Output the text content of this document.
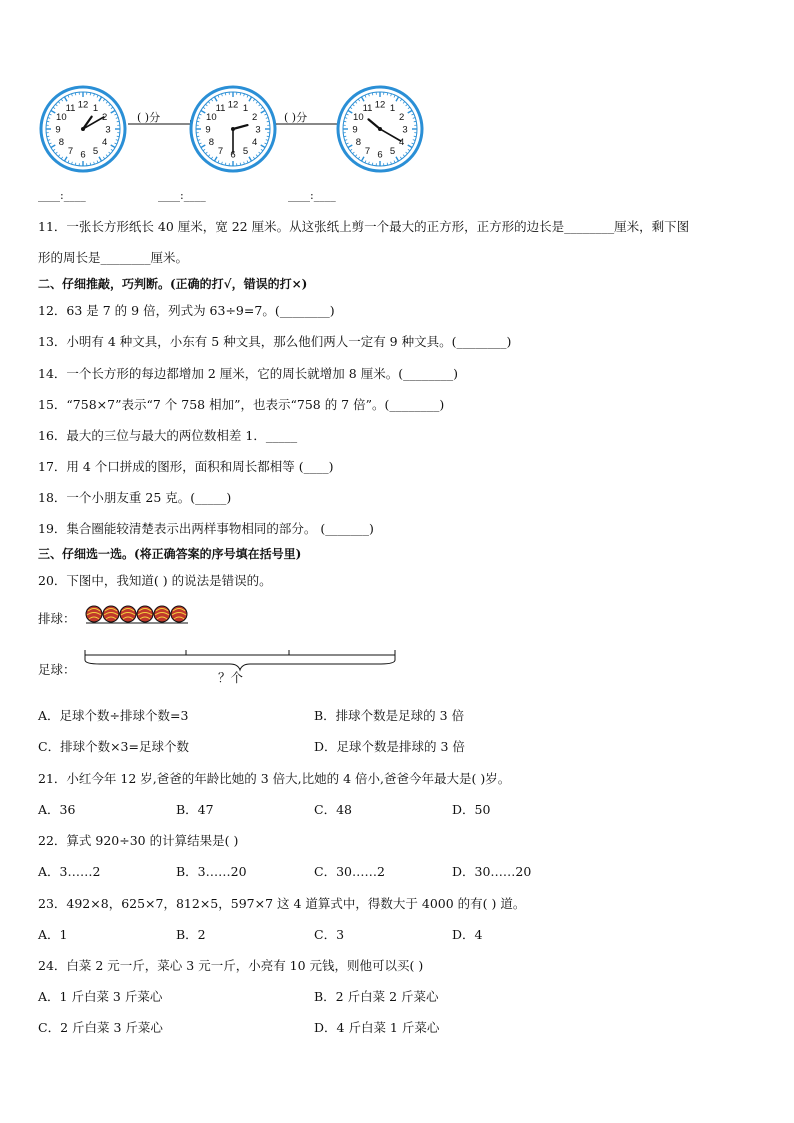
12 1
2
3
4
5
6
7
8
9
10
11
( )分
12 1
2
3
4
5
6
7
8
9
10
11
( )分
12 1
2
3
4
5
6
7
8
9
10
11
____:____	____:____	____:____
11．一张长方形纸长 40 厘米，宽 22 厘米。从这张纸上剪一个最大的正方形，正方形的边长是________厘米，剩下图
形的周长是________厘米。
二、仔细推敲，巧判断。(正确的打√，错误的打×)
12．63 是 7 的 9 倍，列式为 63÷9=7。(________)
13．小明有 4 种文具，小东有 5 种文具，那么他们两人一定有 9 种文具。(________)
14．一个长方形的每边都增加 2 厘米，它的周长就增加 8 厘米。(________)
15．“758×7”表示“7 个 758 相加”，也表示“758 的 7 倍”。(________)
16．最大的三位与最大的两位数相差 1．_____
17．用 4 个口拼成的图形，面积和周长都相等 (____)
18．一个小朋友重 25 克。(_____)
19．集合圈能较清楚表示出两样事物相同的部分。 (_______)
三、仔细选一选。(将正确答案的序号填在括号里)
20．下图中，我知道( ) 的说法是错误的。
排球：
足球：
？个
A．足球个数÷排球个数=3	B．排球个数是足球的 3 倍
C．排球个数×3=足球个数	D．足球个数是排球的 3 倍
21．小红今年 12 岁,爸爸的年龄比她的 3 倍大,比她的 4 倍小,爸爸今年最大是( )岁。
A．36	B．47	C．48	D．50
22．算式 920÷30 的计算结果是( )
A．3……2	B．3……20	C．30……2	D．30……20
23．492×8，625×7，812×5，597×7 这 4 道算式中，得数大于 4000 的有( ) 道。
A．1	B．2	C．3	D．4
24．白菜 2 元一斤，菜心 3 元一斤，小亮有 10 元钱，则他可以买( )
A．1 斤白菜 3 斤菜心	B．2 斤白菜 2 斤菜心
C．2 斤白菜 3 斤菜心	D．4 斤白菜 1 斤菜心
